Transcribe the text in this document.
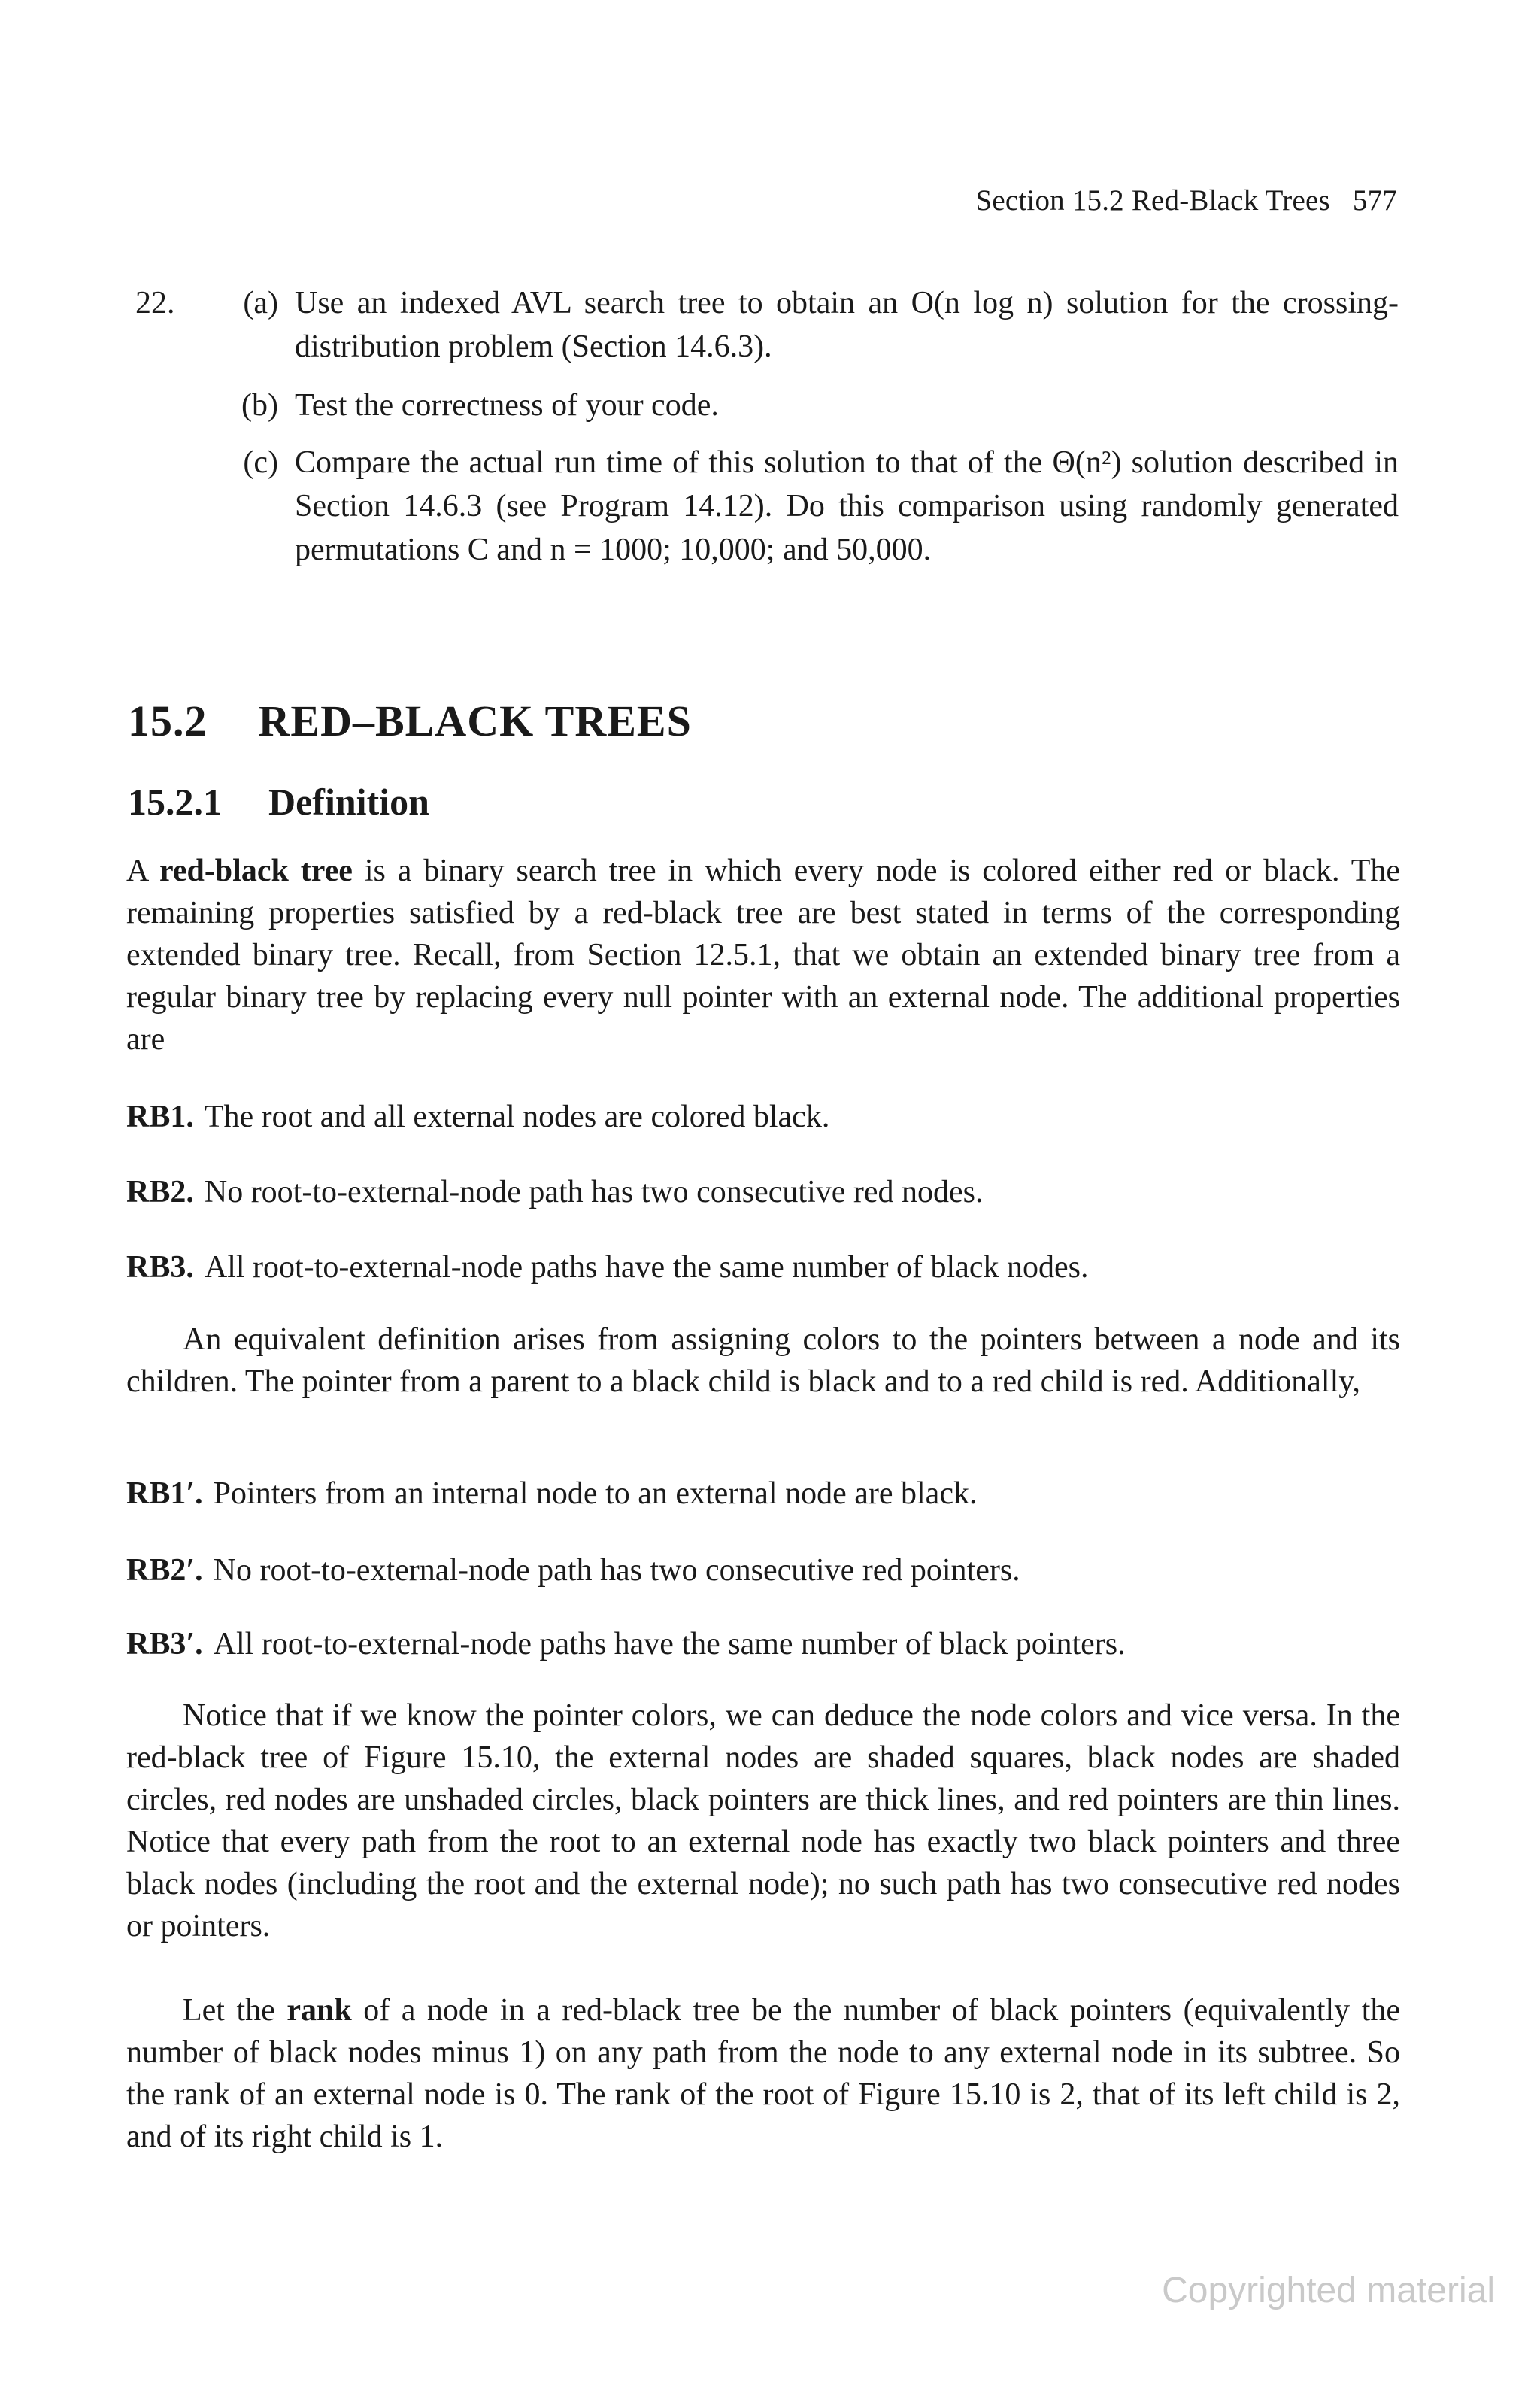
Section 15.2 Red-Black Trees 577
22.	(a) Use an indexed AVL search tree to obtain an O(n log n) solution for the crossing-distribution problem (Section 14.6.3).
(b) Test the correctness of your code.
(c) Compare the actual run time of this solution to that of the Θ(n²) solution described in Section 14.6.3 (see Program 14.12). Do this comparison using randomly generated permutations C and n = 1000; 10,000; and 50,000.
15.2 RED–BLACK TREES
15.2.1 Definition
A red-black tree is a binary search tree in which every node is colored either red or black. The remaining properties satisfied by a red-black tree are best stated in terms of the corresponding extended binary tree. Recall, from Section 12.5.1, that we obtain an extended binary tree from a regular binary tree by replacing every null pointer with an external node. The additional properties are
RB1. The root and all external nodes are colored black.
RB2. No root-to-external-node path has two consecutive red nodes.
RB3. All root-to-external-node paths have the same number of black nodes.
An equivalent definition arises from assigning colors to the pointers between a node and its children. The pointer from a parent to a black child is black and to a red child is red. Additionally,
RB1′. Pointers from an internal node to an external node are black.
RB2′. No root-to-external-node path has two consecutive red pointers.
RB3′. All root-to-external-node paths have the same number of black pointers.
Notice that if we know the pointer colors, we can deduce the node colors and vice versa. In the red-black tree of Figure 15.10, the external nodes are shaded squares, black nodes are shaded circles, red nodes are unshaded circles, black pointers are thick lines, and red pointers are thin lines. Notice that every path from the root to an external node has exactly two black pointers and three black nodes (including the root and the external node); no such path has two consecutive red nodes or pointers.
Let the rank of a node in a red-black tree be the number of black pointers (equivalently the number of black nodes minus 1) on any path from the node to any external node in its subtree. So the rank of an external node is 0. The rank of the root of Figure 15.10 is 2, that of its left child is 2, and of its right child is 1.
Copyrighted material
